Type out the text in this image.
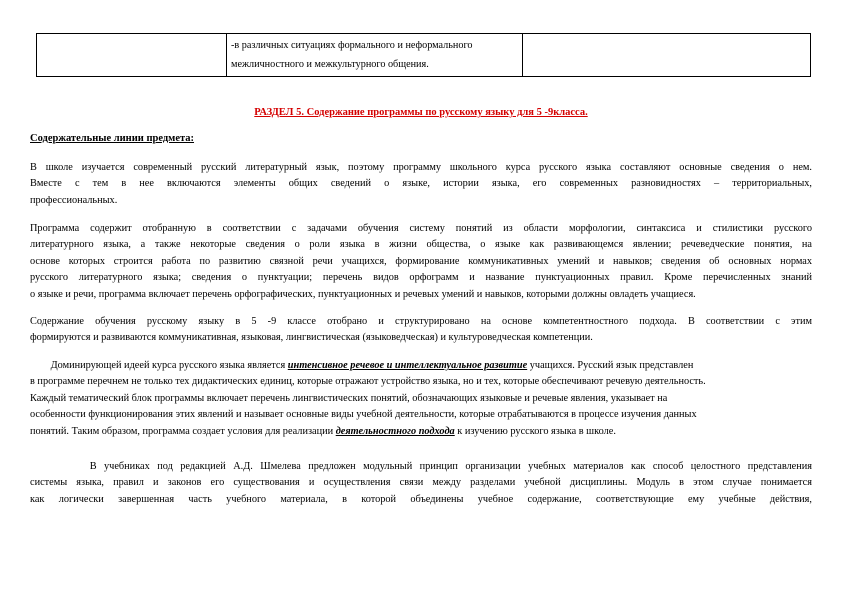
-в различных ситуациях формального и неформального
межличностного и межкультурного общения.

РАЗДЕЛ 5. Содержание программы по русскому языку для 5 -9класса.
Содержательные линии предмета:
В школе изучается современный русский литературный язык, поэтому программу школьного курса русского языка составляют основные сведения о нем.
Вместе с тем в нее включаются элементы общих сведений о языке, истории языка, его современных разновидностях – территориальных,
профессиональных.
Программа содержит отобранную в соответствии с задачами обучения систему понятий из области морфологии, синтаксиса и стилистики русского
литературного языка, а также некоторые сведения о роли языка в жизни общества, о языке как развивающемся явлении; речеведческие понятия, на
основе которых строится работа по развитию связной речи учащихся, формирование коммуникативных умений и навыков; сведения об основных нормах
русского литературного языка; сведения о пунктуации; перечень видов орфограмм и название пунктуационных правил. Кроме перечисленных знаний
о языке и речи, программа включает перечень орфографических, пунктуационных и речевых умений и навыков, которыми должны овладеть учащиеся.
Содержание обучения русскому языку в 5 -9 классе отобрано и структурировано на основе компетентностного подхода. В соответствии с этим
формируются и развиваются коммуникативная, языковая, лингвистическая (языковедческая) и культуроведческая компетенции.
Доминирующей идеей курса русского языка является интенсивное речевое и интеллектуальное развитие учащихся. Русский язык представлен
в программе перечнем не только тех дидактических единиц, которые отражают устройство языка, но и тех, которые обеспечивают речевую деятельность.
Каждый тематический блок программы включает перечень лингвистических понятий, обозначающих языковые и речевые явления, указывает на
особенности функционирования этих явлений и называет основные виды учебной деятельности, которые отрабатываются в процессе изучения данных
понятий. Таким образом, программа создает условия для реализации деятельностного подхода к изучению русского языка в школе.
В учебниках под редакцией А.Д. Шмелева предложен модульный принцип организации учебных материалов как способ целостного представления
системы языка, правил и законов его существования и осуществления связи между разделами учебной дисциплины. Модуль в этом случае понимается
как логически завершенная часть учебного материала, в которой объединены учебное содержание, соответствующие ему учебные действия,
